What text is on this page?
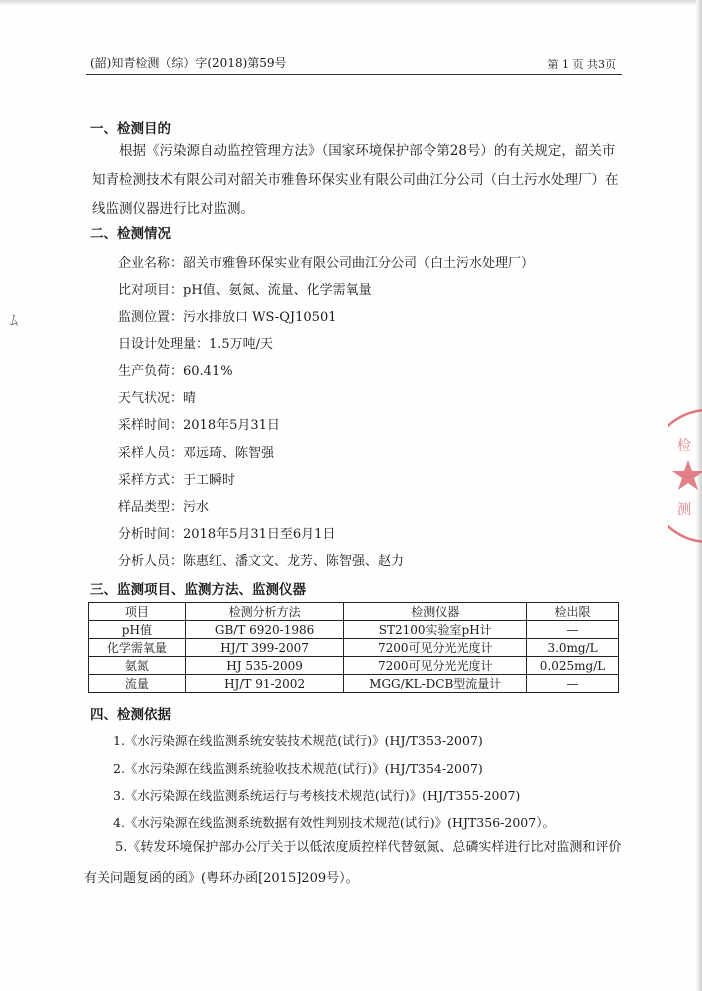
(韶)知青检测（综）字(2018)第59号	第 1 页 共3页
ﾑ
一、检测目的
根据《污染源自动监控管理方法》（国家环境保护部令第28号）的有关规定，韶关市知青检测技术有限公司对韶关市雅鲁环保实业有限公司曲江分公司（白土污水处理厂）在线监测仪器进行比对监测。
二、检测情况
企业名称：韶关市雅鲁环保实业有限公司曲江分公司（白土污水处理厂）
比对项目：pH值、氨氮、流量、化学需氧量
监测位置：污水排放口 WS-QJ10501
日设计处理量：1.5万吨/天
生产负荷：60.41%
天气状况：晴
采样时间：2018年5月31日
采样人员：邓远琦、陈智强
采样方式：于工瞬时
样品类型：污水
分析时间：2018年5月31日至6月1日
分析人员：陈惠红、潘文文、龙芳、陈智强、赵力
三、监测项目、监测方法、监测仪器
项目	检测分析方法	检测仪器	检出限
pH值	GB/T 6920-1986	ST2100实验室pH计	—
化学需氧量	HJ/T 399-2007	7200可见分光光度计	3.0mg/L
氨氮	HJ 535-2009	7200可见分光光度计	0.025mg/L
流量	HJ/T 91-2002	MGG/KL-DCB型流量计	—
四、检测依据
1.《水污染源在线监测系统安装技术规范(试行)》(HJ/T353-2007)
2.《水污染源在线监测系统验收技术规范(试行)》(HJ/T354-2007)
3.《水污染源在线监测系统运行与考核技术规范(试行)》(HJ/T355-2007)
4.《水污染源在线监测系统数据有效性判别技术规范(试行)》(HJT356-2007）。
5.《转发环境保护部办公厅关于以低浓度质控样代替氨氮、总磷实样进行比对监测和评价有关问题复函的函》(粤环办函[2015]209号）。
检
测
